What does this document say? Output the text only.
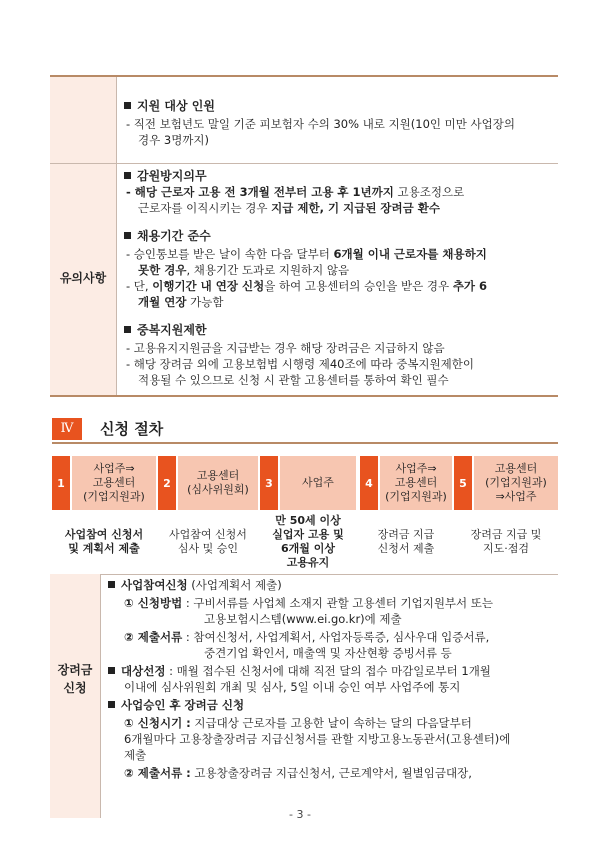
유의사항
지원 대상 인원
- 직전 보험년도 말일 기준 피보험자 수의 30% 내로 지원(10인 미만 사업장의
경우 3명까지)
감원방지의무
- 해당 근로자 고용 전 3개월 전부터 고용 후 1년까지 고용조정으로
근로자를 이직시키는 경우 지급 제한, 기 지급된 장려금 환수
채용기간 준수
- 승인통보를 받은 날이 속한 다음 달부터 6개월 이내 근로자를 채용하지
못한 경우, 채용기간 도과로 지원하지 않음
- 단, 이행기간 내 연장 신청을 하여 고용센터의 승인을 받은 경우 추가 6
개월 연장 가능함
중복지원제한
- 고용유지지원금을 지급받는 경우 해당 장려금은 지급하지 않음
- 해당 장려금 외에 고용보험법 시행령 제40조에 따라 중복지원제한이
적용될 수 있으므로 신청 시 관할 고용센터를 통하여 확인 필수
Ⅳ	신청 절차
1
사업주⇒
고용센터
(기업지원과)
사업참여 신청서
및 계획서 제출
2
고용센터
(심사위원회)
사업참여 신청서
심사 및 승인
3	사업주
만 50세 이상
실업자 고용 및
6개월 이상
고용유지
4
사업주⇒
고용센터
(기업지원과)
장려금 지급
신청서 제출
5
고용센터
(기업지원과)
⇒사업주
장려금 지급 및
지도·점검
장려금
신청
사업참여신청 (사업계획서 제출)
① 신청방법 : 구비서류를 사업체 소재지 관할 고용센터 기업지원부서 또는
고용보험시스템(www.ei.go.kr)에 제출
② 제출서류 : 참여신청서, 사업계획서, 사업자등록증, 심사우대 입증서류,
중견기업 확인서, 매출액 및 자산현황 증빙서류 등
대상선정 : 매월 접수된 신청서에 대해 직전 달의 접수 마감일로부터 1개월
이내에 심사위원회 개최 및 심사, 5일 이내 승인 여부 사업주에 통지
사업승인 후 장려금 신청
① 신청시기 : 지급대상 근로자를 고용한 날이 속하는 달의 다음달부터
6개월마다 고용창출장려금 지급신청서를 관할 지방고용노동관서(고용센터)에
제출
② 제출서류 : 고용창출장려금 지급신청서, 근로계약서, 월별임금대장,
- 3 -
